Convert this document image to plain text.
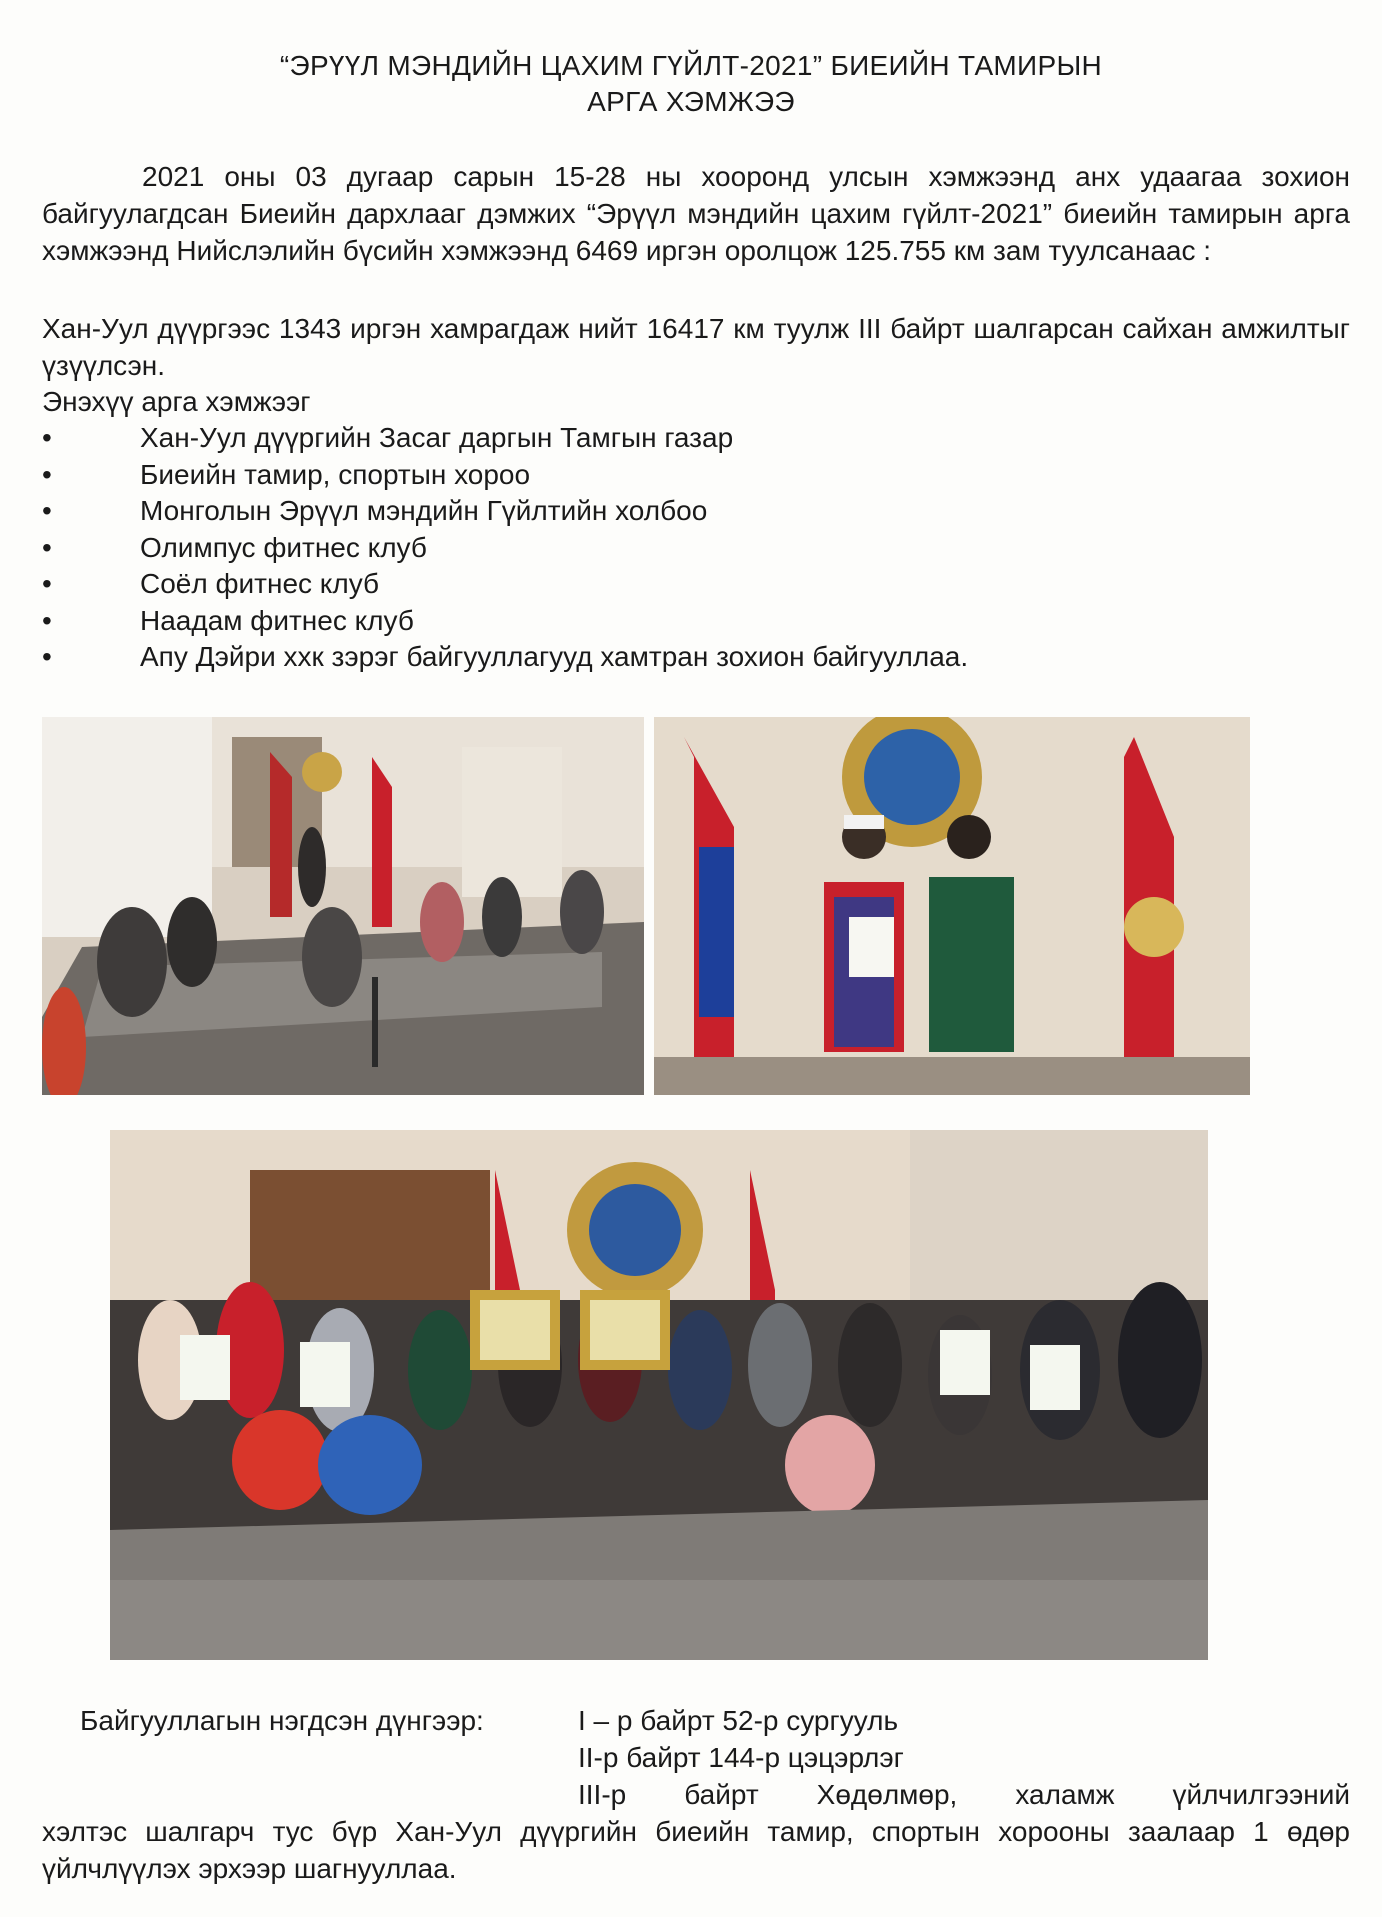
“ЭРҮҮЛ МЭНДИЙН ЦАХИМ ГҮЙЛТ-2021” БИЕИЙН ТАМИРЫН
АРГА ХЭМЖЭЭ
2021 оны 03 дугаар сарын 15-28 ны хооронд улсын хэмжээнд анх удаагаа зохион байгуулагдсан Биеийн дархлааг дэмжих “Эрүүл мэндийн цахим гүйлт-2021” биеийн тамирын арга хэмжээнд Нийслэлийн бүсийн хэмжээнд 6469 иргэн оролцож 125.755 км зам туулсанаас :
Хан-Уул дүүргээс 1343 иргэн хамрагдаж нийт 16417 км туулж III байрт шалгарсан сайхан амжилтыг үзүүлсэн.
Энэхүү арга хэмжээг
•	Хан-Уул дүүргийн Засаг даргын Тамгын газар
•	Биеийн тамир, спортын хороо
•	Монголын Эрүүл мэндийн Гүйлтийн холбоо
•	Олимпус фитнес клуб
•	Соёл фитнес клуб
•	Наадам фитнес клуб
•	Апу Дэйри ххк зэрэг байгууллагууд хамтран зохион байгууллаа.
Байгууллагын нэгдсэн дүнгээр:	I – р байрт 52-р сургууль
II-р байрт 144-р цэцэрлэг
III-р байрт Хөдөлмөр, халамж үйлчилгээний
хэлтэс шалгарч тус бүр Хан-Уул дүүргийн биеийн тамир, спортын хорооны заалаар 1 өдөр үйлчлүүлэх эрхээр шагнууллаа.
